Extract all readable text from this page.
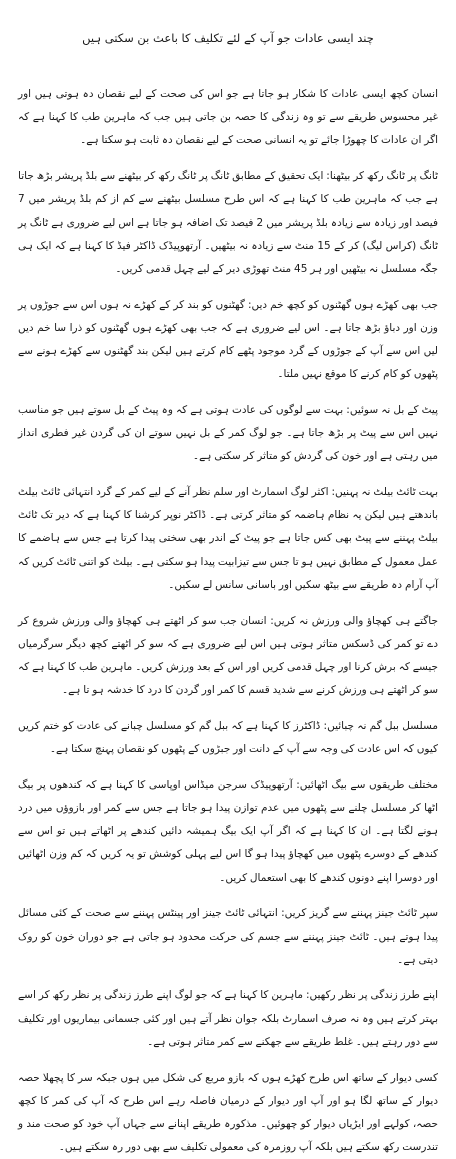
چند ایسی عادات جو آپ کے لئے تکلیف کا باعث بن سکتی ہیں

انسان کچھ ایسی عادات کا شکار ہو جاتا ہے جو اس کی صحت کے لیے نقصان دہ ہوتی ہیں اور غیر محسوس طریقے سے تو وہ زندگی کا حصہ بن جاتی ہیں جب کہ ماہرین طب کا کہنا ہے کہ اگر ان عادات کا چھوڑا جائے تو یہ انسانی صحت کے لیے نقصان دہ ثابت ہو سکتا ہے۔

ٹانگ پر ٹانگ رکھ کر بیٹھنا: ایک تحقیق کے مطابق ٹانگ پر ٹانگ رکھ کر بیٹھنے سے بلڈ پریشر بڑھ جاتا ہے جب کہ ماہرین طب کا کہنا ہے کہ اس طرح مسلسل بیٹھنے سے کم از کم بلڈ پریشر میں 7 فیصد اور زیادہ سے زیادہ بلڈ پریشر میں 2 فیصد تک اضافہ ہو جاتا ہے اس لیے ضروری ہے ٹانگ پر ٹانگ (کراس لیگ) کر کے 15 منٹ سے زیادہ نہ بیٹھیں۔ آرتھوپیڈک ڈاکٹر فیڈ کا کہنا ہے کہ ایک ہی جگہ مسلسل نہ بیٹھیں اور ہر 45 منٹ تھوڑی دیر کے لیے چہل قدمی کریں۔

جب بھی کھڑے ہوں گھٹنوں کو کچھ خم دیں: گھٹنوں کو بند کر کے کھڑے نہ ہوں اس سے جوڑوں پر وزن اور دباؤ بڑھ جاتا ہے۔ اس لیے ضروری ہے کہ جب بھی کھڑے ہوں گھٹنوں کو ذرا سا خم دیں لیں اس سے آپ کے جوڑوں کے گرد موجود پٹھے کام کرتے ہیں لیکن بند گھٹنوں سے کھڑے ہونے سے پٹھوں کو کام کرنے کا موقع نہیں ملتا۔

پیٹ کے بل نہ سوئیں: بہت سے لوگوں کی عادت ہوتی ہے کہ وہ پیٹ کے بل سوتے ہیں جو مناسب نہیں اس سے پیٹ پر بڑھ جاتا ہے۔ جو لوگ کمر کے بل نہیں سوتے ان کی گردن غیر فطری انداز میں رہتی ہے اور خون کی گردش کو متاثر کر سکتی ہے۔

بہت ٹائٹ بیلٹ نہ پہنیں: اکثر لوگ اسمارٹ اور سلم نظر آنے کے لیے کمر کے گرد انتہائی ٹائٹ بیلٹ باندھتے ہیں لیکن یہ نظام ہاضمہ کو متاثر کرتی ہے۔ ڈاکٹر نوپر کرشنا کا کہنا ہے کہ دیر تک ٹائٹ بیلٹ پہننے سے پیٹ بھی کس جاتا ہے جو پیٹ کے اندر بھی سختی پیدا کرتا ہے جس سے ہاضمے کا عمل معمول کے مطابق نہیں ہو تا جس سے تیزابیت پیدا ہو سکتی ہے۔ بیلٹ کو اتنی ٹائٹ کریں کہ آپ آرام دہ طریقے سے بیٹھ سکیں اور باسانی سانس لے سکیں۔

جاگتے ہی کھچاؤ والی ورزش نہ کریں: انسان جب سو کر اٹھتے ہی کھچاؤ والی ورزش شروع کر دے تو کمر کی ڈسکس متاثر ہوتی ہیں اس لیے ضروری ہے کہ سو کر اٹھتے کچھ دیگر سرگرمیاں جیسے کہ برش کرنا اور چہل قدمی کریں اور اس کے بعد ورزش کریں۔ ماہرین طب کا کہنا ہے کہ سو کر اٹھتے ہی ورزش کرنے سے شدید قسم کا کمر اور گردن کا درد کا خدشہ ہو تا ہے۔

مسلسل ببل گم نہ چبائیں: ڈاکٹرز کا کہنا ہے کہ ببل گم کو مسلسل چبانے کی عادت کو ختم کریں کیوں کہ اس عادت کی وجہ سے آپ کے دانت اور جبڑوں کے پٹھوں کو نقصان پہنچ سکتا ہے۔

مختلف طریقوں سے بیگ اٹھائیں: آرتھوپیڈک سرجن میڈاس اوپاسی کا کہنا ہے کہ کندھوں پر بیگ اٹھا کر مسلسل چلنے سے پٹھوں میں عدم توازن پیدا ہو جاتا ہے جس سے کمر اور بازوؤں میں درد ہونے لگتا ہے۔ ان کا کہنا ہے کہ اگر آپ ایک بیگ ہمیشہ دائیں کندھے پر اٹھاتے ہیں تو اس سے کندھے کے دوسرے پٹھوں میں کھچاؤ پیدا ہو گا اس لیے پہلی کوشش تو یہ کریں کہ کم وزن اٹھائیں اور دوسرا اپنے دونوں کندھے کا بھی استعمال کریں۔

سپر ٹائٹ جینز پہننے سے گریز کریں: انتہائی ٹائٹ جینز اور پینٹس پہننے سے صحت کے کئی مسائل پیدا ہوتے ہیں۔ ٹائٹ جینز پہننے سے جسم کی حرکت محدود ہو جاتی ہے جو دوران خون کو روک دیتی ہے۔

اپنے طرز زندگی پر نظر رکھیں: ماہرین کا کہنا ہے کہ جو لوگ اپنے طرز زندگی پر نظر رکھ کر اسے بہتر کرتے ہیں وہ نہ صرف اسمارٹ بلکہ جوان نظر آتے ہیں اور کئی جسمانی بیماریوں اور تکلیف سے دور رہتے ہیں۔ غلط طریقے سے جھکنے سے کمر متاثر ہوتی ہے۔

کسی دیوار کے ساتھ اس طرح کھڑے ہوں کہ بازو مربع کی شکل میں ہوں جبکہ سر کا پچھلا حصہ دیوار کے ساتھ لگا ہو اور آپ اور دیوار کے درمیان فاصلہ رہے اس طرح کہ آپ کی کمر کا کچھ حصہ، کولہے اور ایڑیاں دیوار کو چھوئیں۔ مذکورہ طریقے اپنانے سے جہاں آپ خود کو صحت مند و تندرست رکھ سکتے ہیں بلکہ آپ روزمرہ کی معمولی تکلیف سے بھی دور رہ سکتے ہیں۔
